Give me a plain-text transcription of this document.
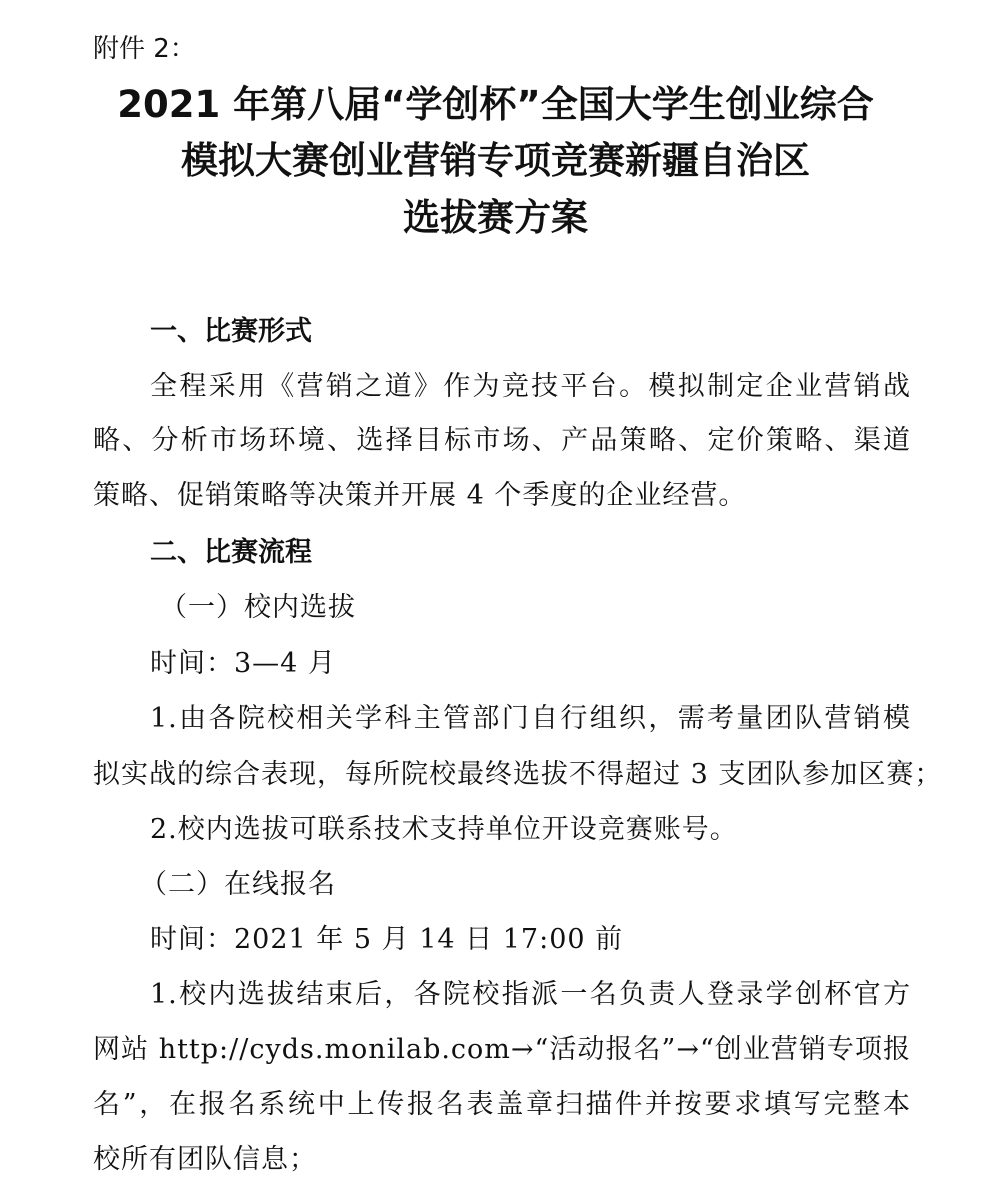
附件 2：
2021 年第八届“学创杯”全国大学生创业综合
模拟大赛创业营销专项竞赛新疆自治区
选拔赛方案
一、比赛形式
全程采用《营销之道》作为竞技平台。模拟制定企业营销战
略、分析市场环境、选择目标市场、产品策略、定价策略、渠道
策略、促销策略等决策并开展 4 个季度的企业经营。
二、比赛流程
（一）校内选拔
时间：3—4 月
1.由各院校相关学科主管部门自行组织，需考量团队营销模
拟实战的综合表现，每所院校最终选拔不得超过 3 支团队参加区赛；
2.校内选拔可联系技术支持单位开设竞赛账号。
（二）在线报名
时间：2021 年 5 月 14 日 17:00 前
1.校内选拔结束后，各院校指派一名负责人登录学创杯官方
网站 http://cyds.monilab.com→“活动报名”→“创业营销专项报
名”，在报名系统中上传报名表盖章扫描件并按要求填写完整本
校所有团队信息；
